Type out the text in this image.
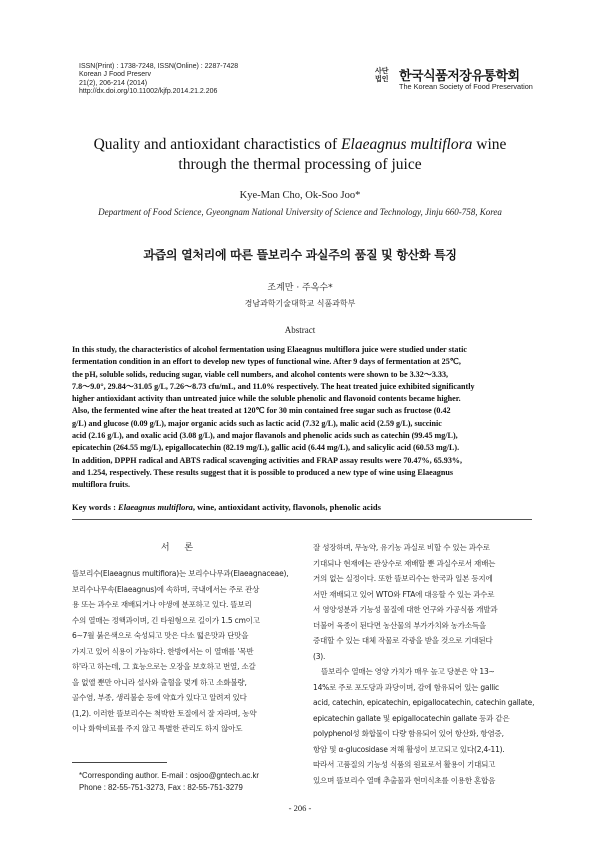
ISSN(Print) : 1738-7248, ISSN(Online) : 2287-7428
Korean J Food Preserv
21(2), 206-214 (2014)
http://dx.doi.org/10.11002/kjfp.2014.21.2.206
사단
법인 한국식품저장유통학회
The Korean Society of Food Preservation
Quality and antioxidant charactistics of Elaeagnus multiflora wine
through the thermal processing of juice
Kye-Man Cho, Ok-Soo Joo*
Department of Food Science, Gyeongnam National University of Science and Technology, Jinju 660-758, Korea
과즙의 열처리에 따른 뜰보리수 과실주의 품질 및 항산화 특징
조계만 · 주옥수*
경남과학기술대학교 식품과학부
Abstract
In this study, the characteristics of alcohol fermentation using Elaeagnus multiflora juice were studied under static
fermentation condition in an effort to develop new types of functional wine. After 9 days of fermentation at 25℃,
the pH, soluble solids, reducing sugar, viable cell numbers, and alcohol contents were shown to be 3.32～3.33,
7.8～9.0°, 29.84～31.05 g/L, 7.26～8.73 cfu/mL, and 11.0% respectively. The heat treated juice exhibited significantly
higher antioxidant activity than untreated juice while the soluble phenolic and flavonoid contents became higher.
Also, the fermented wine after the heat treated at 120℃ for 30 min contained free sugar such as fructose (0.42
g/L) and glucose (0.09 g/L), major organic acids such as lactic acid (7.32 g/L), malic acid (2.59 g/L), succinic
acid (2.16 g/L), and oxalic acid (3.08 g/L), and major flavanols and phenolic acids such as catechin (99.45 mg/L),
epicatechin (264.55 mg/L), epigallocatechin (82.19 mg/L), gallic acid (6.44 mg/L), and salicylic acid (60.53 mg/L).
In addition, DPPH radical and ABTS radical scavenging activities and FRAP assay results were 70.47%, 65.93%,
and 1.254, respectively. These results suggest that it is possible to produced a new type of wine using Elaeagnus
multiflora fruits.
Key words : Elaeagnus multiflora, wine, antioxidant activity, flavonols, phenolic acids
서 론
뜰보리수(Elaeagnus multiflora)는 보리수나무과(Elaeagnaceae),
보리수나무속(Elaeagnus)에 속하며, 국내에서는 주로 관상
용 또는 과수로 재배되거나 야생에 분포하고 있다. 뜰보리
수의 열매는 정핵과이며, 긴 타원형으로 길이가 1.5 cm이고
6∼7월 붉은색으로 숙성되고 맛은 다소 떫은맛과 단맛을
가지고 있어 식용이 가능하다. 한방에서는 이 열매를 '목반
하'라고 하는데, 그 효능으로는 오장을 보호하고 번열, 소갈
을 없앨 뿐만 아니라 설사와 출혈을 멎게 하고 소화불량,
골수염, 부종, 생리불순 등에 약효가 있다고 알려져 있다
(1,2). 이러한 뜰보리수는 척박한 토질에서 잘 자라며, 농약
이나 화학비료를 주지 않고 특별한 관리도 하지 않아도
잘 성장하며, 무농약, 유기농 과실로 비할 수 있는 과수로
기대되나 현재에는 관상수로 재배할 뿐 과실수로서 재배는
거의 없는 실정이다. 또한 뜰보리수는 한국과 일본 등지에
서만 재배되고 있어 WTO와 FTA에 대응할 수 있는 과수로
서 영양성분과 기능성 물질에 대한 연구와 가공식품 개발과
더불어 육종이 된다면 농산물의 부가가치와 농가소득을
증대할 수 있는 대체 작물로 각광을 받을 것으로 기대된다
(3).
뜰보리수 열매는 영양 가치가 매우 높고 당분은 약 13∼
14%로 주로 포도당과 과당이며, 감에 함유되어 있는 gallic
acid, catechin, epicatechin, epigallocatechin, catechin gallate,
epicatechin gallate 및 epigallocatechin gallate 등과 같은
polyphenol성 화합물이 다량 함유되어 있어 항산화, 항염증,
항암 및 α-glucosidase 저해 활성이 보고되고 있다(2,4-11).
따라서 고품질의 기능성 식품의 원료로서 활용이 기대되고
있으며 뜰보리수 열매 추출물과 현미식초를 이용한 혼합음
*Corresponding author. E-mail : osjoo@gntech.ac.kr
Phone : 82-55-751-3273, Fax : 82-55-751-3279
- 206 -
